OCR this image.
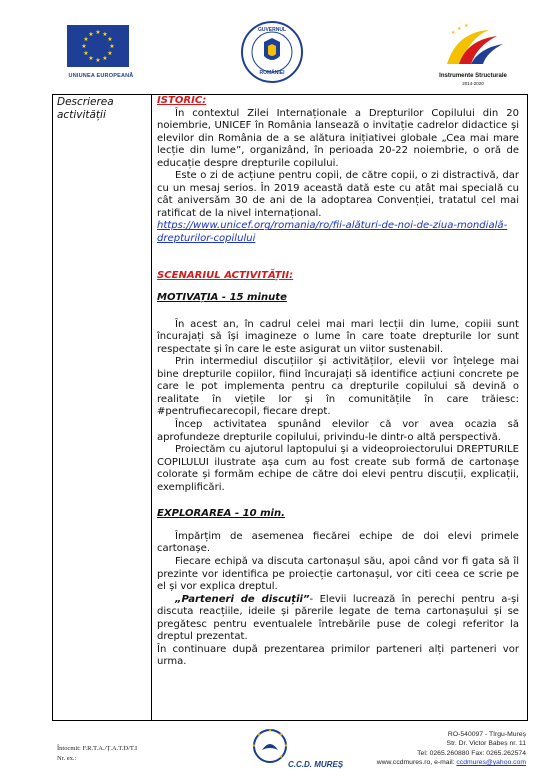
★ ★
★
★
★
★
★
★
★
★
★
★
UNIUNEA EUROPEANĂ
GUVERNUL
ROMÂNIEI
★
★ ★
Instrumente Structurale
2014-2020
Descrierea
activității

ISTORIC:

În contextul Zilei Internaționale a Drepturilor Copilului din 20 noiembrie, UNICEF în România lansează o invitație cadrelor didactice și elevilor din România de a se alătura inițiativei globale „Cea mai mare lecție din lume”, organizând, în perioada 20-22 noiembrie, o oră de educație despre drepturile copilului.

Este o zi de acțiune pentru copii, de către copii, o zi distractivă, dar cu un mesaj serios. În 2019 această dată este cu atât mai specială cu cât aniversăm 30 de ani de la adoptarea Convenției, tratatul cel mai ratificat de la nivel internațional.

https://www.unicef.org/romania/ro/fii-alături-de-noi-de-ziua-mondială-drepturilor-copilului

SCENARIUL ACTIVITĂȚII:

MOTIVAȚIA - 15 minute

În acest an, în cadrul celei mai mari lecții din lume, copiii sunt încurajați să își imagineze o lume în care toate drepturile lor sunt respectate și în care le este asigurat un viitor sustenabil.

Prin intermediul discuțiilor și activităților, elevii vor înțelege mai bine drepturile copiilor, fiind încurajați să identifice acțiuni concrete pe care le pot implementa pentru ca drepturile copilului să devină o realitate în viețile lor și în comunitățile în care trăiesc: #pentrufiecarecopil, fiecare drept.

Încep activitatea spunând elevilor că vor avea ocazia să aprofundeze drepturile copilului, privindu-le dintr-o altă perspectivă.

Proiectăm cu ajutorul laptopului și a videoproiectorului DREPTURILE COPILULUI ilustrate așa cum au fost create sub formă de cartonașe colorate și formăm echipe de către doi elevi pentru discuții, explicații, exemplificări.

EXPLORAREA - 10 min.

Împărțim de asemenea fiecărei echipe de doi elevi primele cartonașe.

Fiecare echipă va discuta cartonașul său, apoi când vor fi gata să îl prezinte vor identifica pe proiecție cartonașul, vor citi ceea ce scrie pe el și vor explica dreptul.

„Parteneri de discuții”- Elevii lucrează în perechi pentru a-și discuta reacțiile, ideile și părerile legate de tema cartonașului și se pregătesc pentru eventualele întrebările puse de colegi referitor la dreptul prezentat.

În continuare după prezentarea primilor parteneri alți parteneri vor urma.

Întocmit: F.R.T.A./Ț.A.T.D/T.I
Nr. ex.:
★
★
★
★
★
★
C.C.D. MUREȘ
RO-540097 - Tîrgu-Mureș
Str. Dr. Victor Babeș nr. 11
Tel: 0265.260880 Fax: 0265.262574
www.ccdmures.ro, e-mail: ccdmures@yahoo.com
